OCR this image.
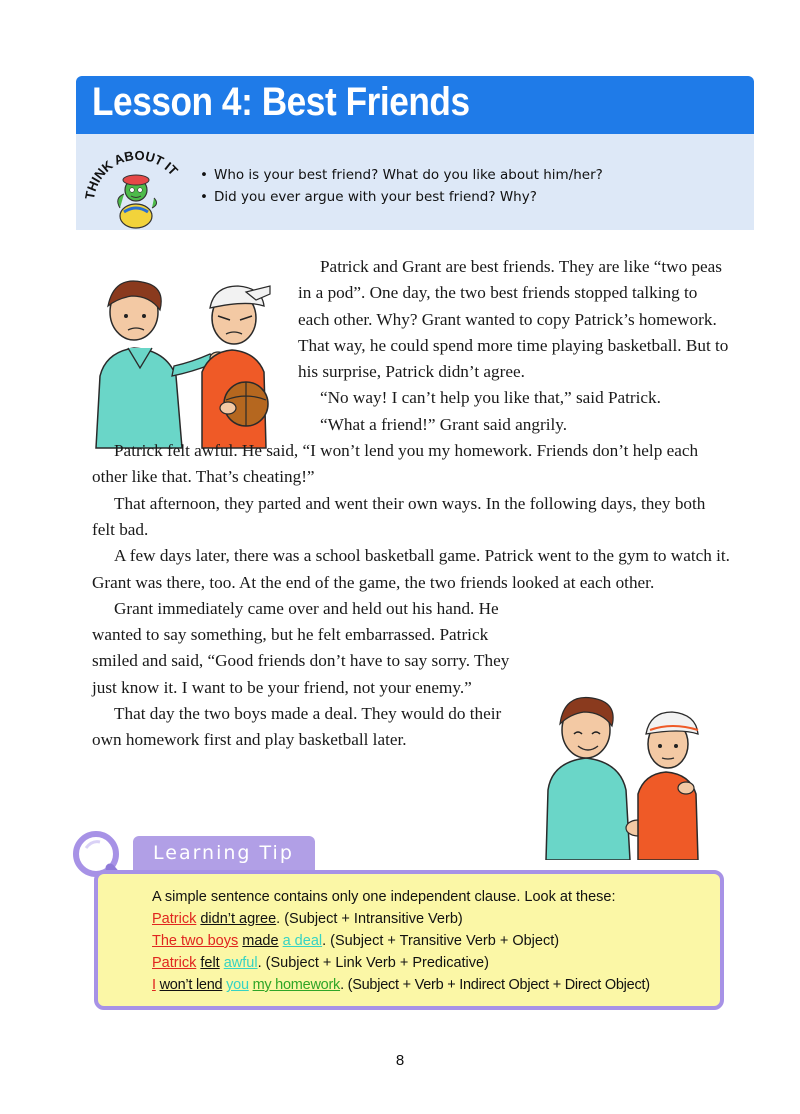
Lesson 4: Best Friends
THINK ABOUT IT
•	Who is your best friend? What do you like about him/her?
• Did you ever argue with your best friend? Why?

Patrick and Grant are best friends. They are like “two peas in a pod”. One day, the two best friends stopped talking to each other. Why? Grant wanted to copy Patrick’s homework. That way, he could spend more time playing basketball. But to his surprise, Patrick didn’t agree.

“No way! I can’t help you like that,” said Patrick.

“What a friend!” Grant said angrily.

Patrick felt awful. He said, “I won’t lend you my homework. Friends don’t help each other like that. That’s cheating!”

That afternoon, they parted and went their own ways. In the following days, they both felt bad.

A few days later, there was a school basketball game. Patrick went to the gym to watch it. Grant was there, too. At the end of the game, the two friends looked at each other.

Grant immediately came over and held out his hand. He wanted to say something, but he felt embarrassed. Patrick smiled and said, “Good friends don’t have to say sorry. They just know it. I want to be your friend, not your enemy.”

That day the two boys made a deal. They would do their own homework first and play basketball later.

Learning Tip
A simple sentence contains only one independent clause. Look at these:
Patrick didn’t agree. (Subject + Intransitive Verb)
The two boys made a deal. (Subject + Transitive Verb + Object)
Patrick felt awful. (Subject + Link Verb + Predicative)
I won’t lend you my homework. (Subject + Verb + Indirect Object + Direct Object)
8
